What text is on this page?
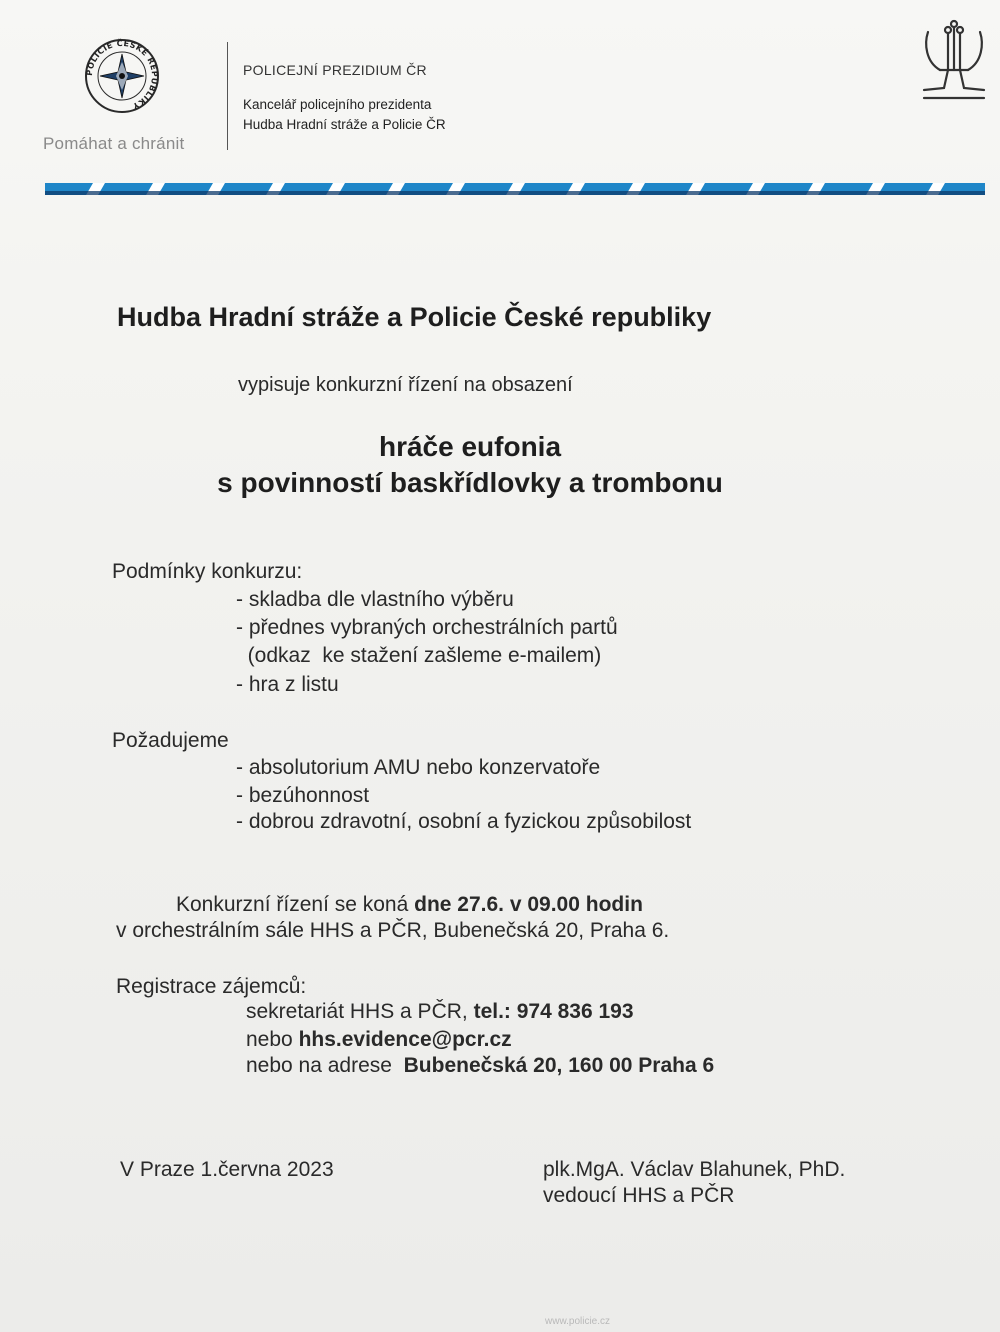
POLICIE ČESKÉ REPUBLIKY
Pomáhat a chránit
POLICEJNÍ PREZIDIUM ČR
Kancelář policejního prezidenta
Hudba Hradní stráže a Policie ČR
Hudba Hradní stráže a Policie České republiky
vypisuje konkurzní řízení na obsazení
hráče eufonia
s povinností baskřídlovky a trombonu
Podmínky konkurzu:
- skladba dle vlastního výběru
- přednes vybraných orchestrálních partů
(odkaz  ke stažení zašleme e-mailem)
- hra z listu
Požadujeme
- absolutorium AMU nebo konzervatoře
- bezúhonnost
- dobrou zdravotní, osobní a fyzickou způsobilost
Konkurzní řízení se koná dne 27.6. v 09.00 hodin
v orchestrálním sále HHS a PČR, Bubenečská 20, Praha 6.
Registrace zájemců:
sekretariát HHS a PČR, tel.: 974 836 193
nebo hhs.evidence@pcr.cz
nebo na adrese  Bubenečská 20, 160 00 Praha 6
V Praze 1.června 2023	plk.MgA. Václav Blahunek, PhD.
vedoucí HHS a PČR
www.policie.cz
